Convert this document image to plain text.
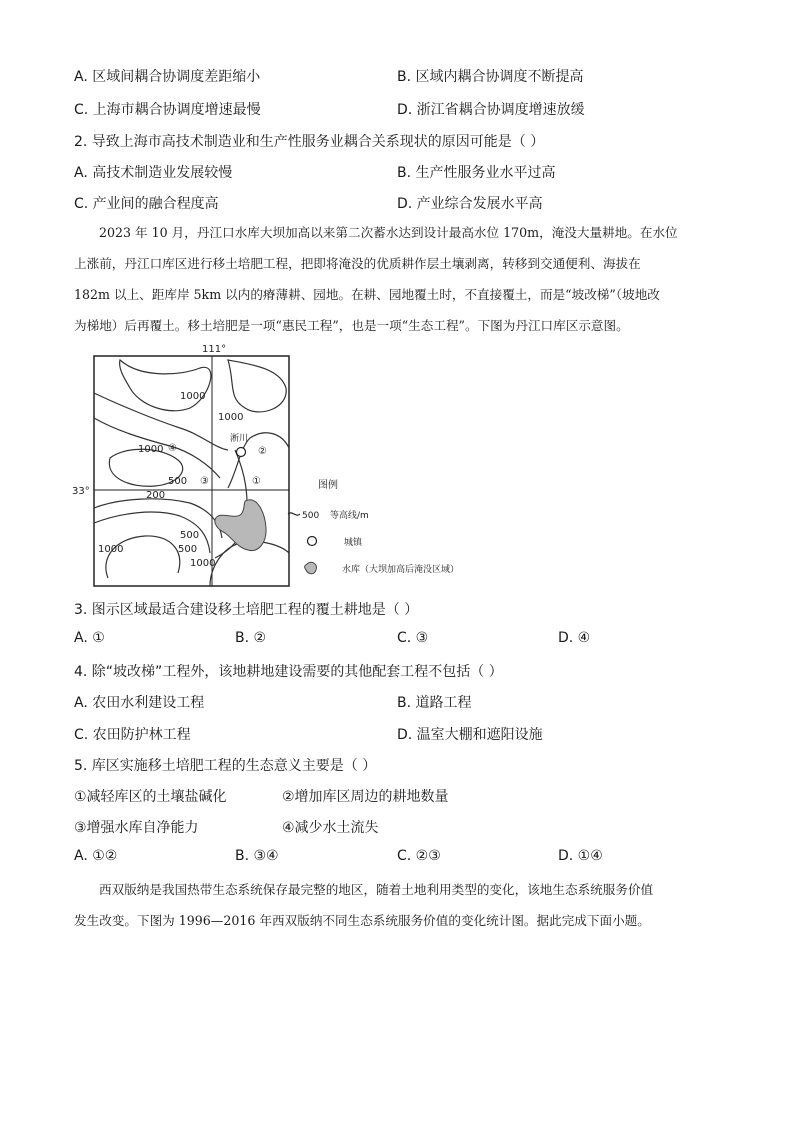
A. 区域间耦合协调度差距缩小	B. 区域内耦合协调度不断提高
C. 上海市耦合协调度增速最慢	D. 浙江省耦合协调度增速放缓
2. 导致上海市高技术制造业和生产性服务业耦合关系现状的原因可能是（ ）
A. 高技术制造业发展较慢	B. 生产性服务业水平过高
C. 产业间的融合程度高	D. 产业综合发展水平高
2023 年 10 月，丹江口水库大坝加高以来第二次蓄水达到设计最高水位 170m，淹没大量耕地。在水位
上涨前，丹江口库区进行移土培肥工程，把即将淹没的优质耕作层土壤剥离，转移到交通便利、海拔在
182m 以上、距库岸 5km 以内的瘠薄耕、园地。在耕、园地覆土时，不直接覆土，而是“坡改梯”（坡地改
为梯地）后再覆土。移土培肥是一项“惠民工程”，也是一项“生态工程”。下图为丹江口库区示意图。
111°
33°
淅川
②
①
③
④
1000
1000
1000
500
200
500
1000	500
1000
图例
500 等高线/m
城镇
水库（大坝加高后淹没区域）
3. 图示区域最适合建设移土培肥工程的覆土耕地是（ ）
A. ①	B. ②	C. ③	D. ④
4. 除“坡改梯”工程外，该地耕地建设需要的其他配套工程不包括（ ）
A. 农田水利建设工程	B. 道路工程
C. 农田防护林工程	D. 温室大棚和遮阳设施
5. 库区实施移土培肥工程的生态意义主要是（ ）
①减轻库区的土壤盐碱化	②增加库区周边的耕地数量
③增强水库自净能力	④减少水土流失
A. ①②	B. ③④	C. ②③	D. ①④
西双版纳是我国热带生态系统保存最完整的地区，随着土地利用类型的变化，该地生态系统服务价值
发生改变。下图为 1996—2016 年西双版纳不同生态系统服务价值的变化统计图。据此完成下面小题。
